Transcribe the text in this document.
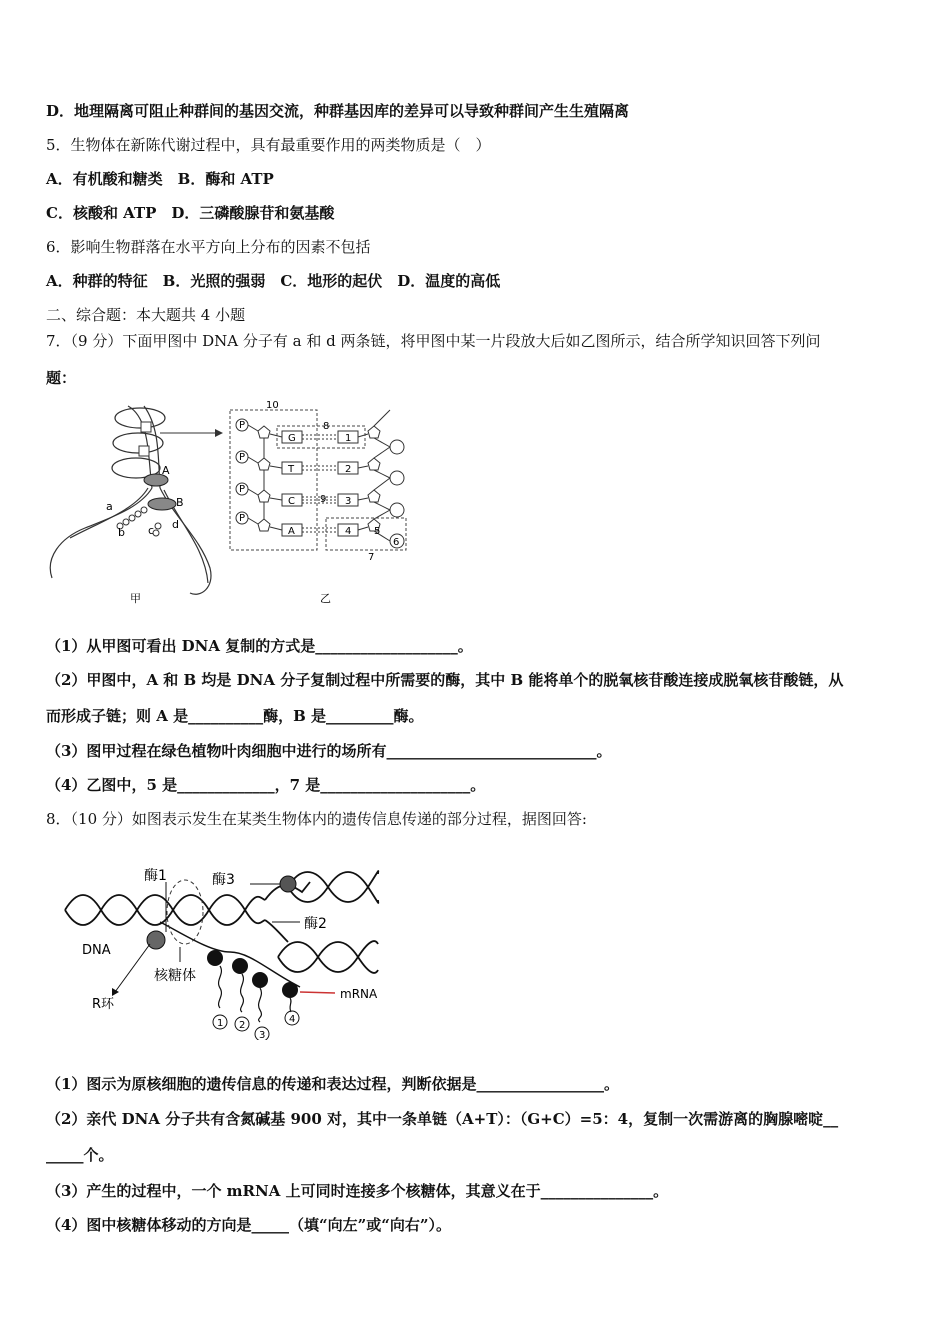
D．地理隔离可阻止种群间的基因交流，种群基因库的差异可以导致种群间产生生殖隔离
5．生物体在新陈代谢过程中，具有最重要作用的两类物质是（　）
A．有机酸和糖类　B．酶和 ATP
C．核酸和 ATP　D．三磷酸腺苷和氨基酸
6．影响生物群落在水平方向上分布的因素不包括
A．种群的特征　B．光照的强弱　C．地形的起伏　D．温度的高低
二、综合题：本大题共 4 小题
7．（9 分）下面甲图中 DNA 分子有 a 和 d 两条链，将甲图中某一片段放大后如乙图所示，结合所学知识回答下列问
题：
A
B
a
b c d
甲
10
P
P
P
P
G
T
C
A
1
2
3
4
8
9
5
6
7
乙
（1）从甲图可看出 DNA 复制的方式是___________________。
（2）甲图中，A 和 B 均是 DNA 分子复制过程中所需要的酶，其中 B 能将单个的脱氧核苷酸连接成脱氧核苷酸链，从
而形成子链；则 A 是__________酶，B 是_________酶。
（3）图甲过程在绿色植物叶肉细胞中进行的场所有____________________________。
（4）乙图中，5 是_____________，7 是____________________。
8．（10 分）如图表示发生在某类生物体内的遗传信息传递的部分过程，据图回答:
酶1	酶3
酶2
DNA
核糖体
R环
mRNA
1 2
3
4
（1）图示为原核细胞的遗传信息的传递和表达过程，判断依据是_________________。
（2）亲代 DNA 分子共有含氮碱基 900 对，其中一条单链（A+T）：（G+C）=5：4，复制一次需游离的胸腺嘧啶__
_____个。
（3）产生的过程中，一个 mRNA 上可同时连接多个核糖体，其意义在于_______________。
（4）图中核糖体移动的方向是_____（填“向左”或“向右”）。
